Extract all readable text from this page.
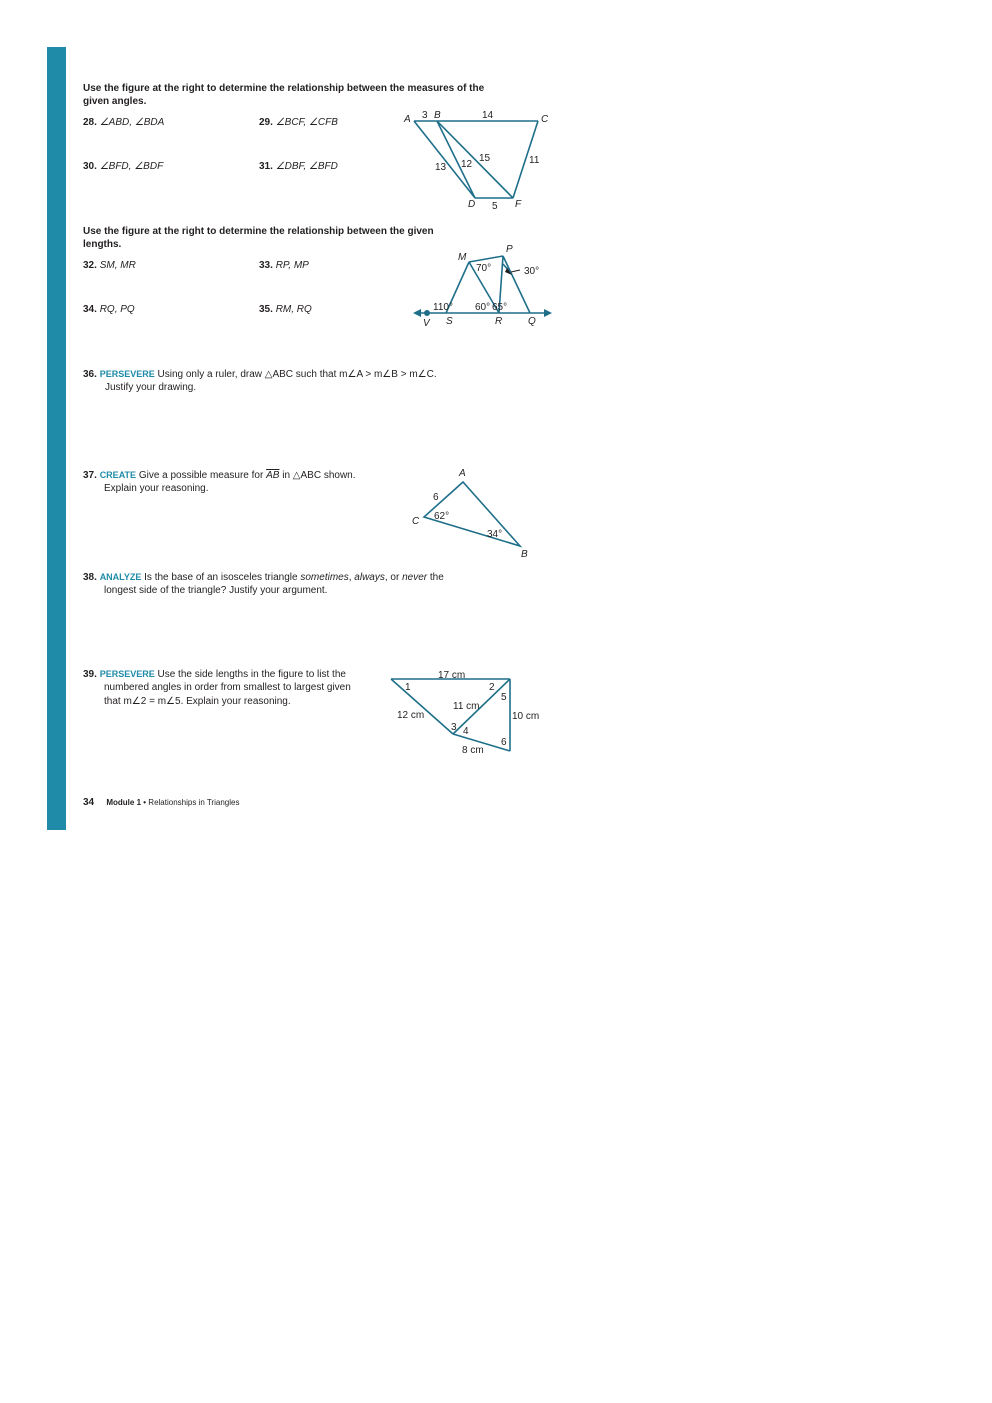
Use the figure at the right to determine the relationship between the measures of the given angles.
28. ∠ABD, ∠BDA	29. ∠BCF, ∠CFB
30. ∠BFD, ∠BDF	31. ∠DBF, ∠BFD
A 3 B	14	C
11
13 12
15
D 5 F
Use the figure at the right to determine the relationship between the given lengths.
32. SM, MR	33. RP, MP
34. RQ, PQ	35. RM, RQ
M
P
70°	30°
110° 60° 65°
V S	R	Q
36. PERSEVERE Using only a ruler, draw △ABC such that m∠A > m∠B > m∠C.
Justify your drawing.
37. CREATE Give a possible measure for $\overline{AB}$ in △ABC shown.
Explain your reasoning.
A
6
C 62°
34°
B
38. ANALYZE Is the base of an isosceles triangle sometimes, always, or never the
longest side of the triangle? Justify your argument.
39. PERSEVERE Use the side lengths in the figure to list the
numbered angles in order from smallest to largest given
that m∠2 = m∠5. Explain your reasoning.
17 cm
1	2
5
11 cm
12 cm	10 cm
3 4
6
8 cm
34 Module 1 • Relationships in Triangles
